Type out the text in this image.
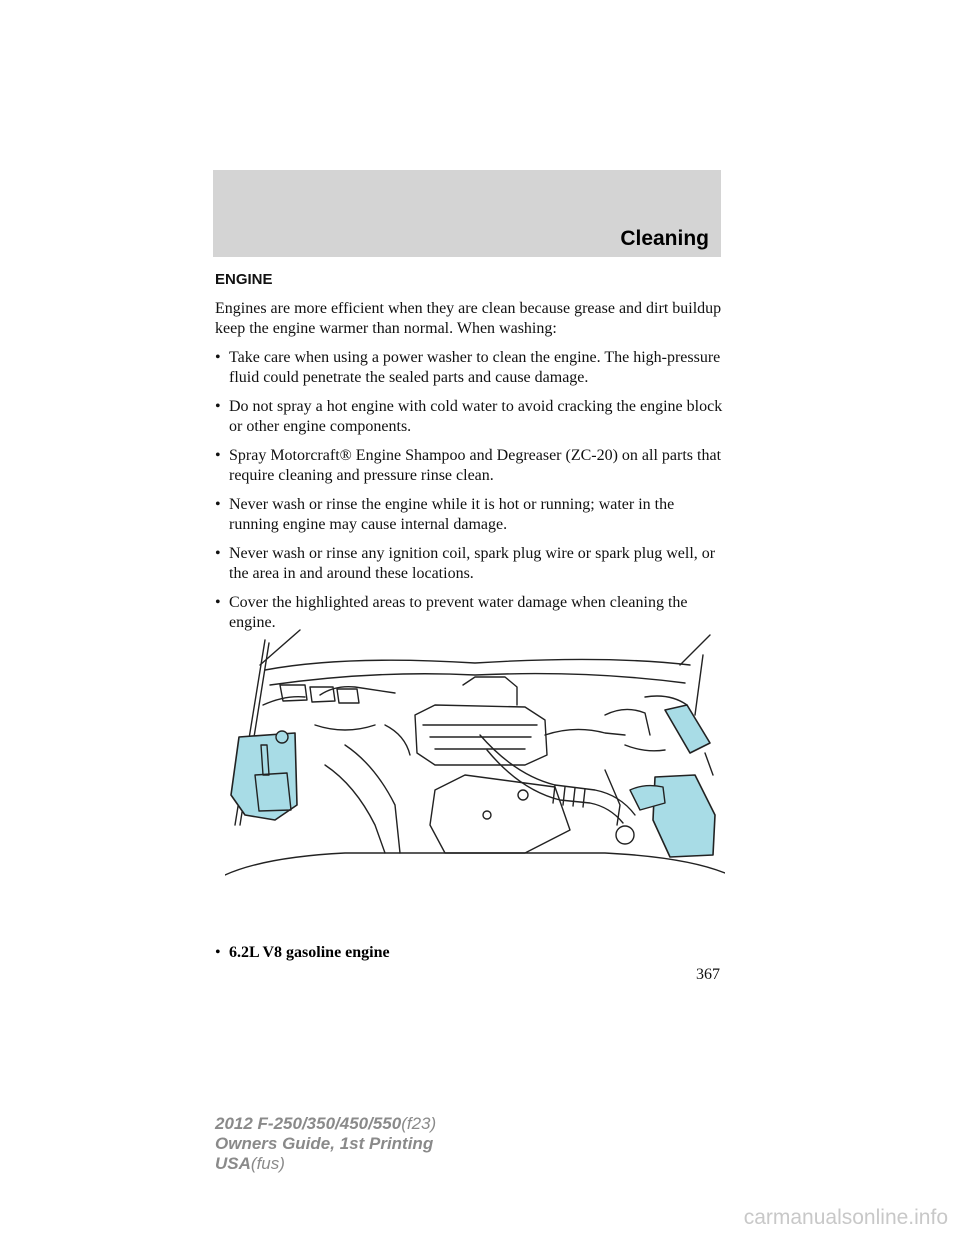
Cleaning
ENGINE
Engines are more efficient when they are clean because grease and dirt buildup keep the engine warmer than normal. When washing:
• Take care when using a power washer to clean the engine. The high-pressure fluid could penetrate the sealed parts and cause damage.
• Do not spray a hot engine with cold water to avoid cracking the engine block or other engine components.
• Spray Motorcraft® Engine Shampoo and Degreaser (ZC-20) on all parts that require cleaning and pressure rinse clean.
• Never wash or rinse the engine while it is hot or running; water in the running engine may cause internal damage.
• Never wash or rinse any ignition coil, spark plug wire or spark plug well, or the area in and around these locations.
• Cover the highlighted areas to prevent water damage when cleaning the engine.
• 6.2L V8 gasoline engine
367
2012 F-250/350/450/550(f23)
Owners Guide, 1st Printing
USA(fus)
carmanualsonline.info
